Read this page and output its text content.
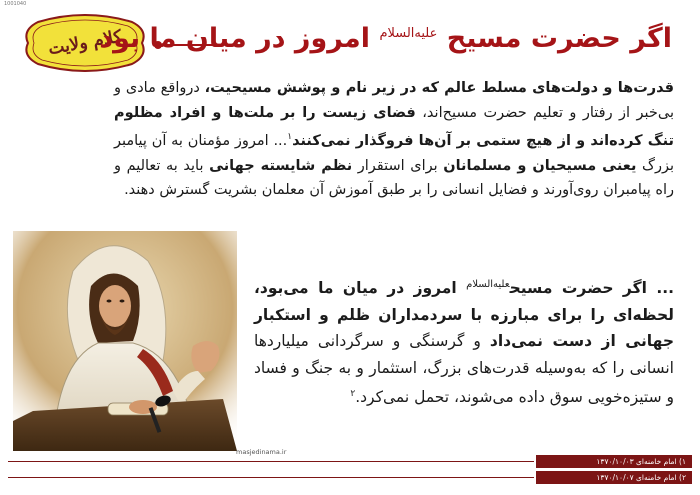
1001040
کلام ولایت	اگر حضرت مسیح $^{علیه‌السلام}$ امروز در میان ما بود
قدرت‌ها و دولت‌های مسلط عالم که در زیر نام و پوشش مسیحیت، درواقع مادی و بی‌خبر از رفتار و تعلیم حضرت مسیح‌اند، فضای زیست را بر ملت‌ها و افراد مظلوم تنگ کرده‌اند و از هیچ ستمی بر آن‌ها فروگذار نمی‌کنند$^۱$... امروز مؤمنان به آن پیامبر بزرگ یعنی مسیحیان و مسلمانان برای استقرار نظم شایسته جهانی باید به تعالیم و راه پیامبران روی‌آورند و فضایل انسانی را بر طبق آموزش آن معلمان بشریت گسترش دهند.
... اگر حضرت مسیح$^{علیه‌السلام}$ امروز در میان ما می‌بود، لحظه‌ای را برای مبارزه با سردمداران ظلم و استکبار جهانی از دست نمی‌داد و گرسنگی و سرگردانی میلیاردها انسانی را که به‌وسیله قدرت‌های بزرگ، استثمار و به جنگ و فساد و ستیزه‌خویی سوق داده می‌شوند، تحمل نمی‌کرد.$^۲$
masjedinama.ir
۱) امام خامنه‌ای ۱۳۷۰/۱۰/۰۳
۲) امام خامنه‌ای ۱۳۷۰/۱۰/۰۷
